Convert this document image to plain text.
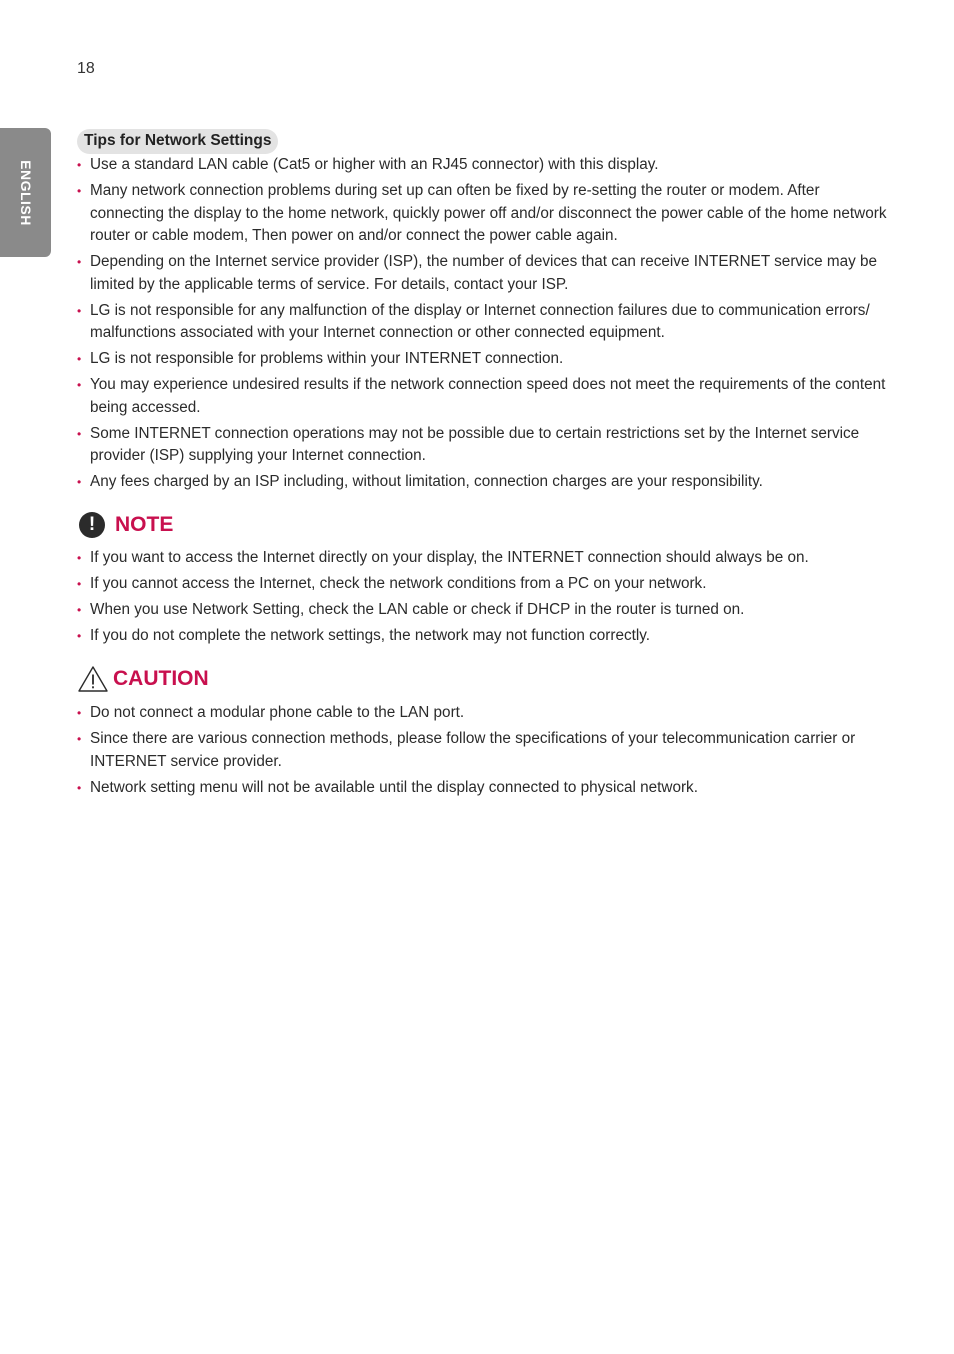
18
ENGLISH
Tips for Network Settings
• Use a standard LAN cable (Cat5 or higher with an RJ45 connector) with this display.
• Many network connection problems during set up can often be fixed by re-setting the router or modem. After connecting the display to the home network, quickly power off and/or disconnect the power cable of the home network router or cable modem, Then power on and/or connect the power cable again.
• Depending on the Internet service provider (ISP), the number of devices that can receive INTERNET service may be limited by the applicable terms of service. For details, contact your ISP.
• LG is not responsible for any malfunction of the display or Internet connection failures due to communication errors/ malfunctions associated with your Internet connection or other connected equipment.
• LG is not responsible for problems within your INTERNET connection.
• You may experience undesired results if the network connection speed does not meet the requirements of the content being accessed.
• Some INTERNET connection operations may not be possible due to certain restrictions set by the Internet service provider (ISP) supplying your Internet connection.
• Any fees charged by an ISP including, without limitation, connection charges are your responsibility.
! NOTE
• If you want to access the Internet directly on your display, the INTERNET connection should always be on.
• If you cannot access the Internet, check the network conditions from a PC on your network.
• When you use Network Setting, check the LAN cable or check if DHCP in the router is turned on.
• If you do not complete the network settings, the network may not function correctly.
CAUTION
• Do not connect a modular phone cable to the LAN port.
• Since there are various connection methods, please follow the specifications of your telecommunication carrier or INTERNET service provider.
• Network setting menu will not be available until the display connected to physical network.
